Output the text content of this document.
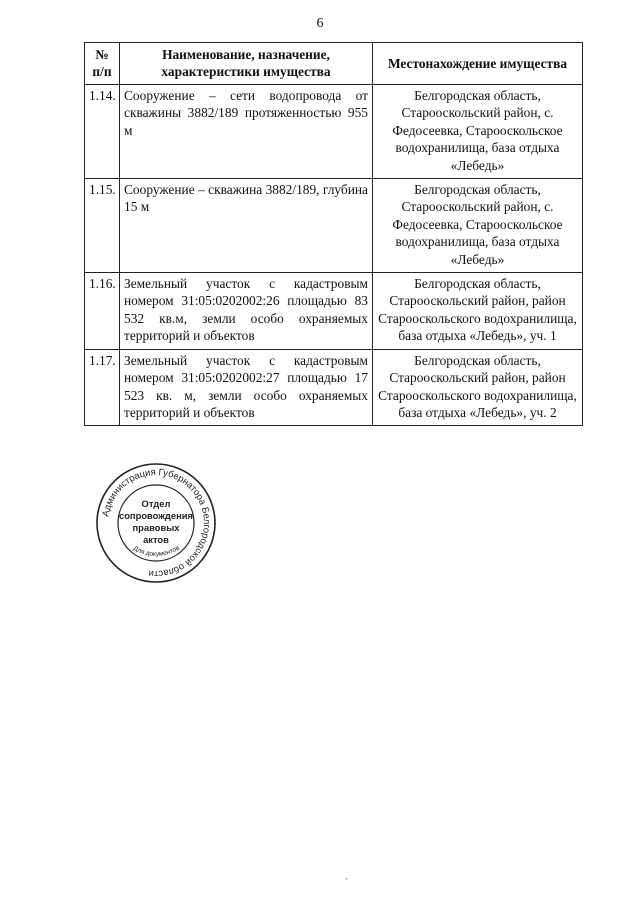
6
№ п/п	Наименование, назначение, характеристики имущества	Местонахождение имущества
1.14.	Сооружение – сети водопровода от скважины 3882/189 протяженностью 955 м	Белгородская область, Старооскольский район, с. Федосеевка, Старооскольское водохранилища, база отдыха «Лебедь»
1.15.	Сооружение – скважина 3882/189, глубина 15 м	Белгородская область, Старооскольский район, с. Федосеевка, Старооскольское водохранилища, база отдыха «Лебедь»
1.16.	Земельный участок с кадастровым номером 31:05:0202002:26 площадью 83 532 кв.м, земли особо охраняемых территорий и объектов	Белгородская область, Старооскольский район, район Старооскольского водохранилища, база отдыха «Лебедь», уч. 1
1.17.	Земельный участок с кадастровым номером 31:05:0202002:27 площадью 17 523 кв. м, земли особо охраняемых территорий и объектов	Белгородская область, Старооскольский район, район Старооскольского водохранилища, база отдыха «Лебедь», уч. 2
Администрация Губернатора Белгородской области
Для документов
Отдел
сопровождения
правовых
актов
ˌ
